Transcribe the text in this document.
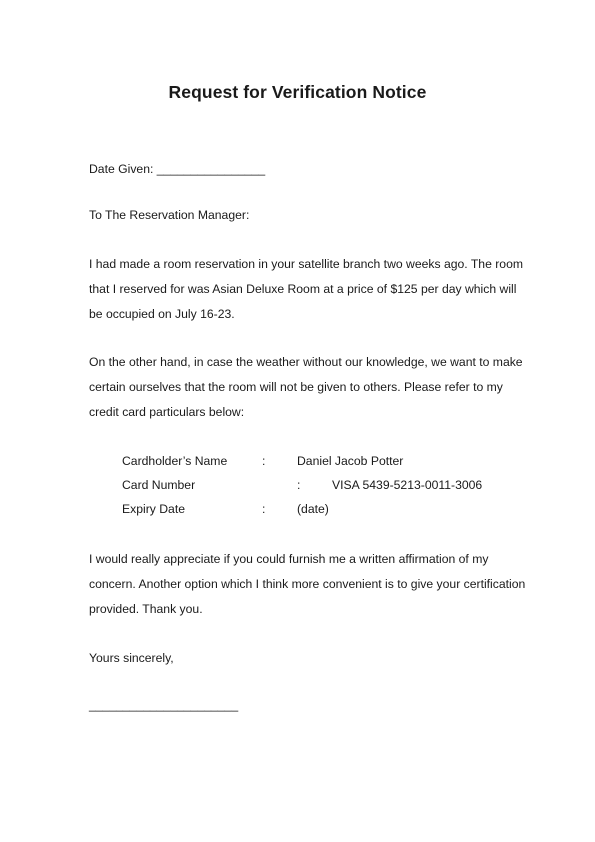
Request for Verification Notice
Date Given: ________________
To The Reservation Manager:
I had made a room reservation in your satellite branch two weeks ago. The room
that I reserved for was Asian Deluxe Room at a price of $125 per day which will
be occupied on July 16-23.
On the other hand, in case the weather without our knowledge, we want to make
certain ourselves that the room will not be given to others. Please refer to my
credit card particulars below:
Cardholder’s Name	:	Daniel Jacob Potter
Card Number	:	VISA 5439-5213-0011-3006
Expiry Date	:	(date)
I would really appreciate if you could furnish me a written affirmation of my
concern. Another option which I think more convenient is to give your certification
provided. Thank you.
Yours sincerely,
______________________
